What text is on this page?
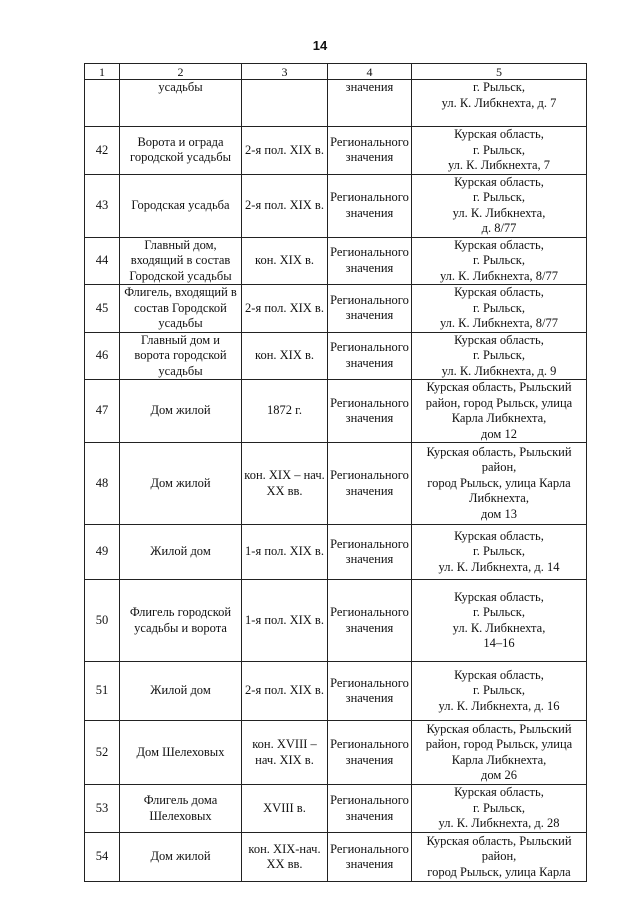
14
1	2	3	4	5

	усадьбы		значения	г. Рыльск,
ул. К. Либкнехта, д. 7

42	Ворота и ограда
городской усадьбы	2-я пол. XIX в.	Регионального
значения	Курская область,
г. Рыльск,
ул. К. Либкнехта, 7

43	Городская усадьба	2-я пол. XIX в.	Регионального
значения	Курская область,
г. Рыльск,
ул. К. Либкнехта,
д. 8/77

44	Главный дом,
входящий в состав
Городской усадьбы	кон. XIX в.	Регионального
значения	Курская область,
г. Рыльск,
ул. К. Либкнехта, 8/77

45	Флигель, входящий в
состав Городской
усадьбы	2-я пол. XIX в.	Регионального
значения	Курская область,
г. Рыльск,
ул. К. Либкнехта, 8/77

46	Главный дом и
ворота городской
усадьбы	кон. XIX в.	Регионального
значения	Курская область,
г. Рыльск,
ул. К. Либкнехта, д. 9

47	Дом жилой	1872 г.	Регионального
значения	Курская область, Рыльский
район, город Рыльск, улица
Карла Либкнехта,
дом 12

48	Дом жилой	кон. XIX – нач.
XX вв.	Регионального
значения	Курская область, Рыльский
район,
город Рыльск, улица Карла
Либкнехта,
дом 13

49	Жилой дом	1-я пол. XIX в.	Регионального
значения	Курская область,
г. Рыльск,
ул. К. Либкнехта, д. 14

50	Флигель городской
усадьбы и ворота	1-я пол. XIX в.	Регионального
значения	Курская область,
г. Рыльск,
ул. К. Либкнехта,
14–16

51	Жилой дом	2-я пол. XIX в.	Регионального
значения	Курская область,
г. Рыльск,
ул. К. Либкнехта, д. 16

52	Дом Шелеховых	кон. XVIII –
нач. XIX в.	Регионального
значения	Курская область, Рыльский
район, город Рыльск, улица
Карла Либкнехта,
дом 26

53	Флигель дома
Шелеховых	XVIII в.	Регионального
значения	Курская область,
г. Рыльск,
ул. К. Либкнехта, д. 28

54	Дом жилой	кон. XIX-нач.
XX вв.	Регионального
значения	Курская область, Рыльский
район,
город Рыльск, улица Карла
